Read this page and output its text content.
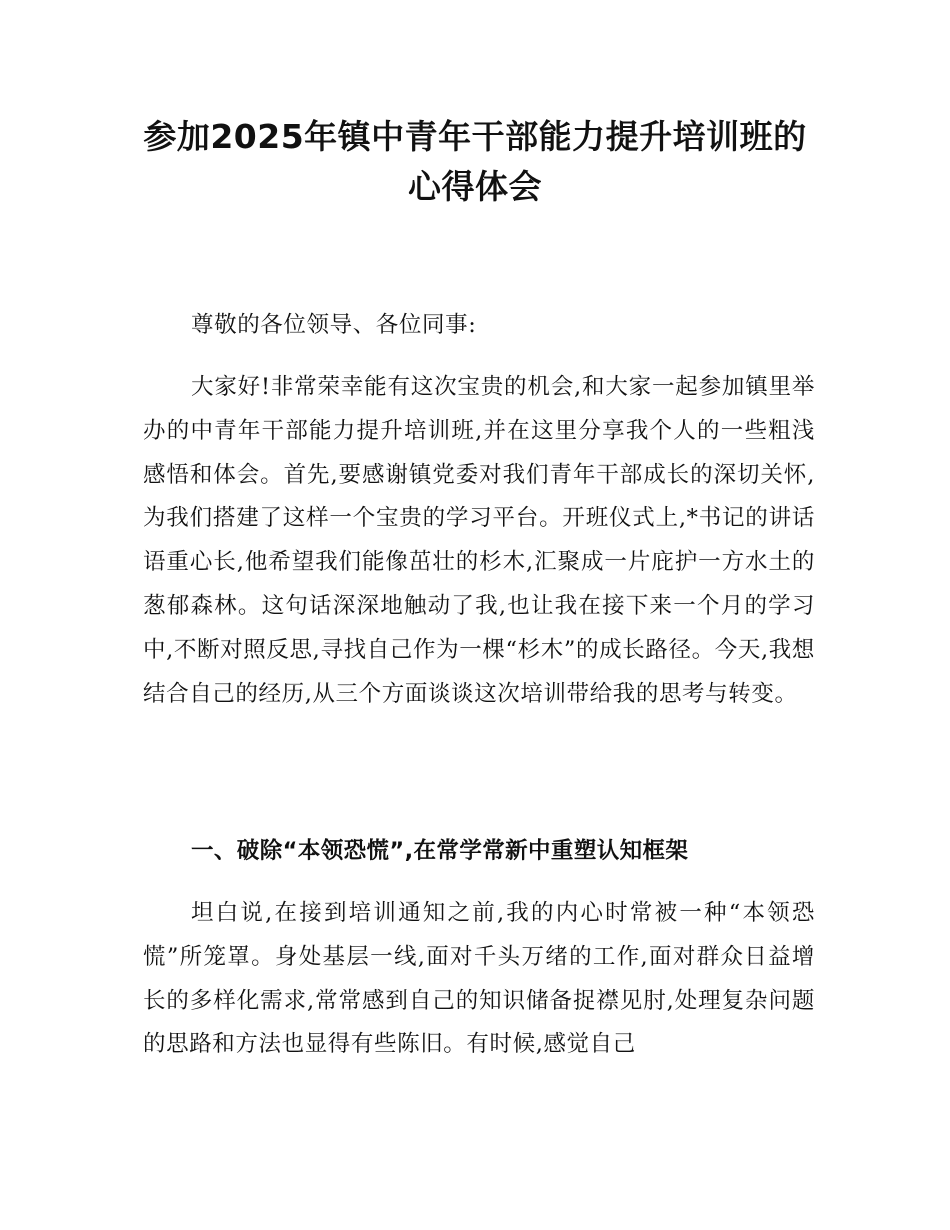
参加2025年镇中青年干部能力提升培训班的
心得体会

尊敬的各位领导、各位同事:

大家好!非常荣幸能有这次宝贵的机会,和大家一起参加镇里举办的中青年干部能力提升培训班,并在这里分享我个人的一些粗浅感悟和体会。首先,要感谢镇党委对我们青年干部成长的深切关怀,为我们搭建了这样一个宝贵的学习平台。开班仪式上,*书记的讲话语重心长,他希望我们能像茁壮的杉木,汇聚成一片庇护一方水土的葱郁森林。这句话深深地触动了我,也让我在接下来一个月的学习中,不断对照反思,寻找自己作为一棵“杉木”的成长路径。今天,我想结合自己的经历,从三个方面谈谈这次培训带给我的思考与转变。

一、破除“本领恐慌”,在常学常新中重塑认知框架

坦白说,在接到培训通知之前,我的内心时常被一种“本领恐慌”所笼罩。身处基层一线,面对千头万绪的工作,面对群众日益增长的多样化需求,常常感到自己的知识储备捉襟见肘,处理复杂问题的思路和方法也显得有些陈旧。有时候,感觉自己
